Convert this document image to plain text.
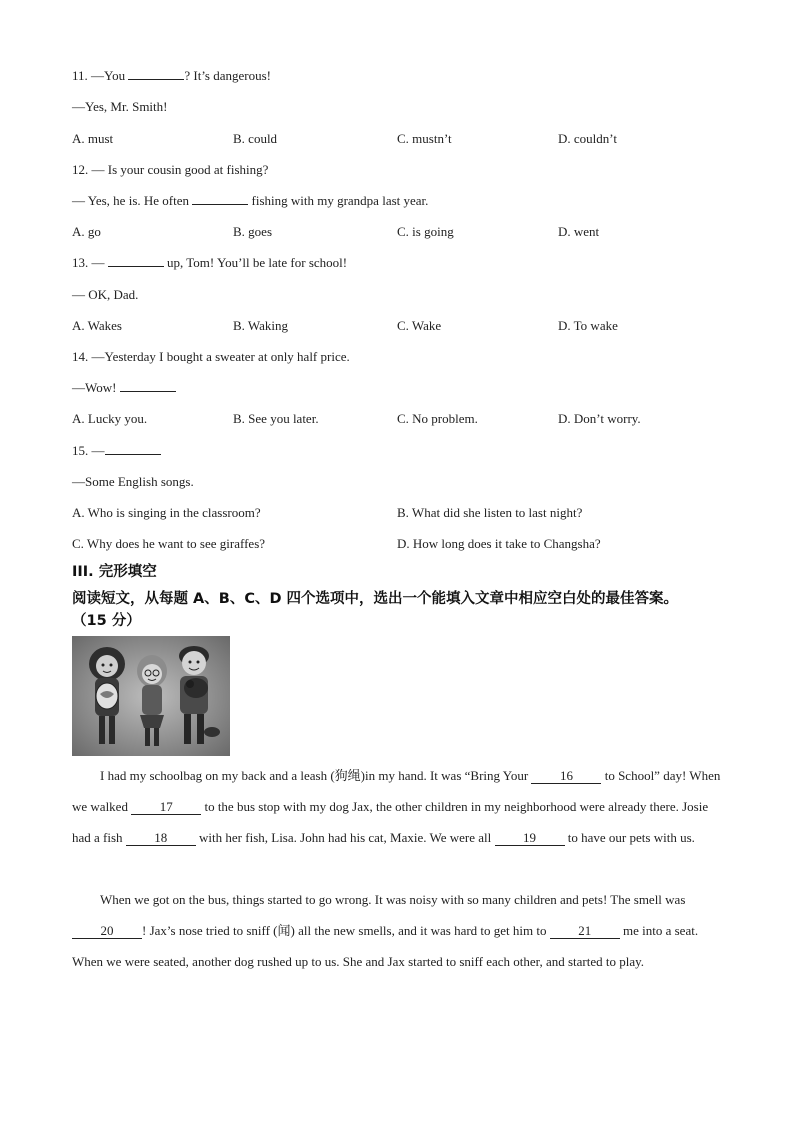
11. —You	? It’s dangerous!
—Yes, Mr. Smith!
A. must	B. could	C. mustn’t	D. couldn’t
12. — Is your cousin good at fishing?
— Yes, he is. He often	fishing with my grandpa last year.
A. go	B. goes	C. is going	D. went
13. —	up, Tom! You’ll be late for school!
— OK, Dad.
A. Wakes	B. Waking	C. Wake	D. To wake
14. —Yesterday I bought a sweater at only half price.
—Wow!
A. Lucky you.	B. See you later.	C. No problem.	D. Don’t worry.
15. —
—Some English songs.
A. Who is singing in the classroom?	B. What did she listen to last night?
C. Why does he want to see giraffes?	D. How long does it take to Changsha?
III. 完形填空
阅读短文，从每题 A、B、C、D 四个选项中，选出一个能填入文章中相应空白处的最佳答案。
（15 分）
I had my schoolbag on my back and a leash (狗绳)in my hand. It was “Bring Your 16 to School” day! When we walked 17 to the bus stop with my dog Jax, the other children in my neighborhood were already there. Josie had a fish 18 with her fish, Lisa. John had his cat, Maxie. We were all 19 to have our pets with us.
When we got on the bus, things started to go wrong. It was noisy with so many children and pets! The smell was 20 ! Jax’s nose tried to sniff (闻) all the new smells, and it was hard to get him to 21 me into a seat. When we were seated, another dog rushed up to us. She and Jax started to sniff each other, and started to play.
